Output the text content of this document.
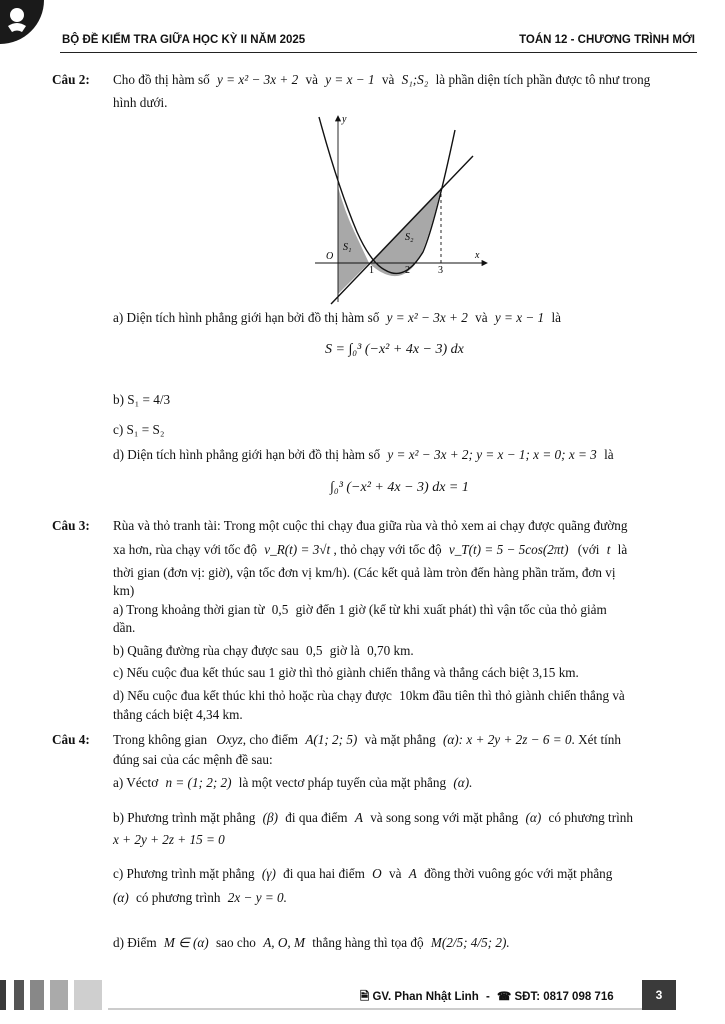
BỘ ĐỀ KIỂM TRA GIỮA HỌC KỲ II NĂM 2025	TOÁN 12 - CHƯƠNG TRÌNH MỚI
Câu 2: Cho đồ thị hàm số y = x² − 3x + 2 và y = x − 1 và S₁;S₂ là phần diện tích phần được tô như trong
hình dưới.
y
x
O
S₁
S₂
1	2	3
a) Diện tích hình phẳng giới hạn bởi đồ thị hàm số y = x² − 3x + 2 và y = x − 1 là
S = ∫₀³ (−x² + 4x − 3) dx
b) S₁ = 4/3
c) S₁ = S₂
d) Diện tích hình phẳng giới hạn bởi đồ thị hàm số y = x² − 3x + 2; y = x − 1; x = 0; x = 3 là
∫₀³ (−x² + 4x − 3) dx = 1
Câu 3: Rùa và thỏ tranh tài: Trong một cuộc thi chạy đua giữa rùa và thỏ xem ai chạy được quãng đường
xa hơn, rùa chạy với tốc độ v_R(t) = 3√t , thỏ chạy với tốc độ v_T(t) = 5 − 5cos(2πt) (với t là
thời gian (đơn vị: giờ), vận tốc đơn vị km/h). (Các kết quả làm tròn đến hàng phần trăm, đơn vị
km)
a) Trong khoảng thời gian từ 0,5 giờ đến 1 giờ (kể từ khi xuất phát) thì vận tốc của thỏ giảm
dần.
b) Quãng đường rùa chạy được sau 0,5 giờ là 0,70 km.
c) Nếu cuộc đua kết thúc sau 1 giờ thì thỏ giành chiến thắng và thắng cách biệt 3,15 km.
d) Nếu cuộc đua kết thúc khi thỏ hoặc rùa chạy được 10km đầu tiên thì thỏ giành chiến thắng và
thắng cách biệt 4,34 km.
Câu 4: Trong không gian Oxyz, cho điểm A(1; 2; 5) và mặt phẳng (α): x + 2y + 2z − 6 = 0. Xét tính
đúng sai của các mệnh đề sau:
a) Véctơ n = (1; 2; 2) là một vectơ pháp tuyến của mặt phẳng (α).
b) Phương trình mặt phẳng (β) đi qua điểm A và song song với mặt phẳng (α) có phương trình
x + 2y + 2z + 15 = 0
c) Phương trình mặt phẳng (γ) đi qua hai điểm O và A đồng thời vuông góc với mặt phẳng
(α) có phương trình 2x − y = 0.
d) Điểm M ∈ (α) sao cho A, O, M thẳng hàng thì tọa độ M(2/5; 4/5; 2).
🗎 GV. Phan Nhật Linh - ☎ SĐT: 0817 098 716	3
